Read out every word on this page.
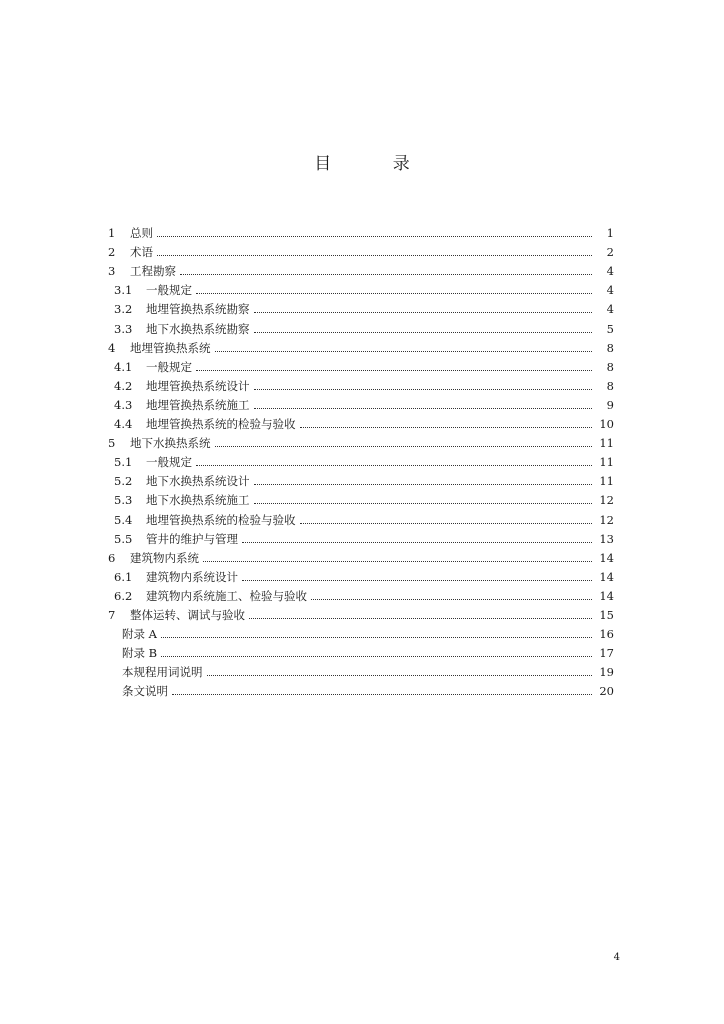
目 录
1	总则	1
2	术语	2
3	工程勘察	4
3.1	一般规定	4
3.2	地埋管换热系统勘察	4
3.3	地下水换热系统勘察	5
4	地埋管换热系统	8
4.1	一般规定	8
4.2	地埋管换热系统设计	8
4.3	地埋管换热系统施工	9
4.4	地埋管换热系统的检验与验收	10
5	地下水换热系统	11
5.1	一般规定	11
5.2	地下水换热系统设计	11
5.3	地下水换热系统施工	12
5.4	地埋管换热系统的检验与验收	12
5.5	管井的维护与管理	13
6	建筑物内系统	14
6.1	建筑物内系统设计	14
6.2	建筑物内系统施工、检验与验收	14
7	整体运转、调试与验收	15
附录 A	16
附录 B	17
本规程用词说明	19
条文说明	20
4
